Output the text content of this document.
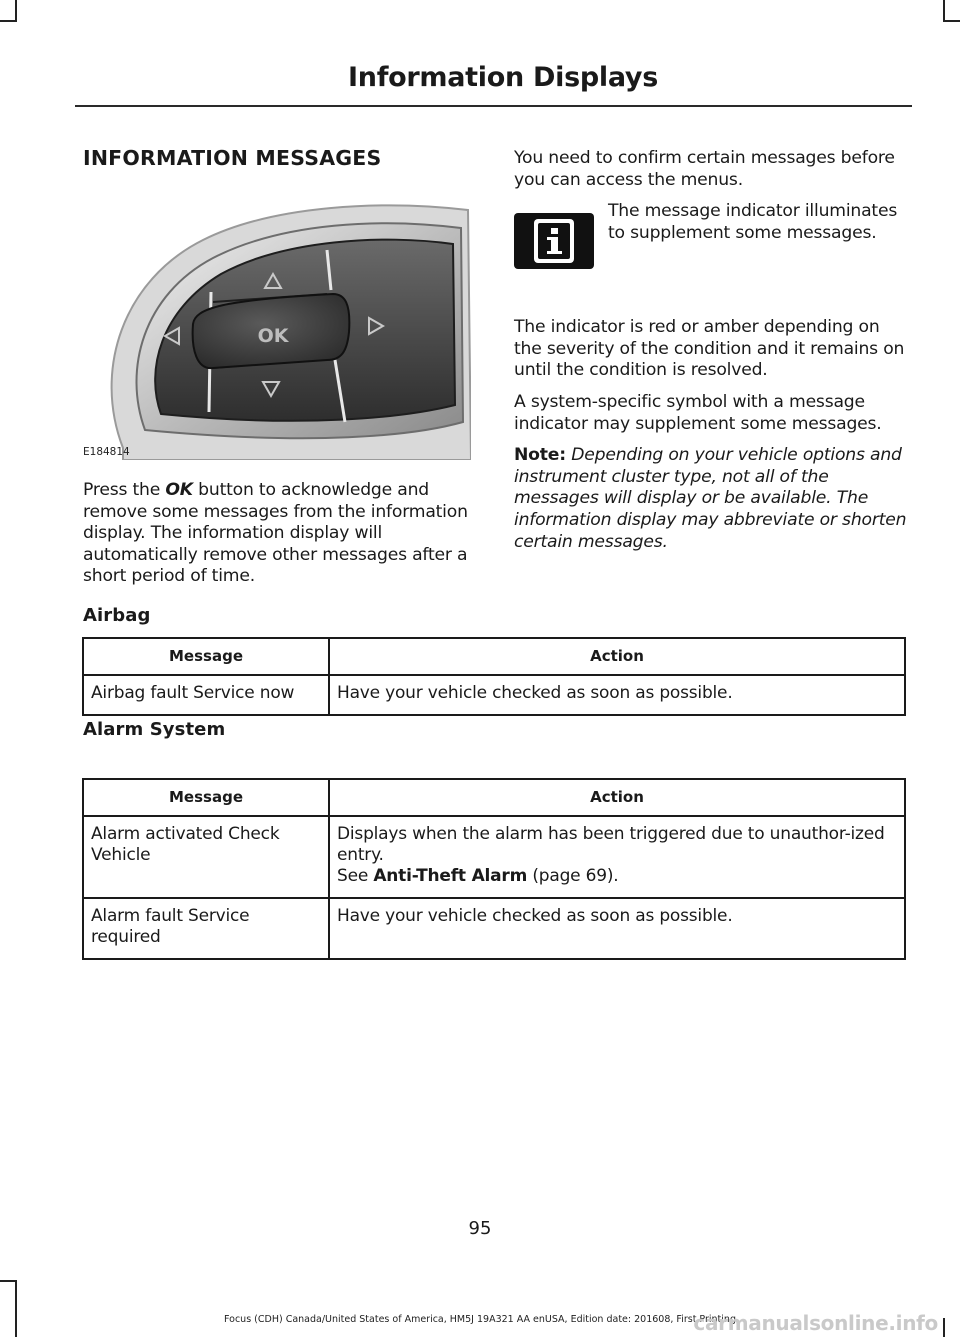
Information Displays
INFORMATION MESSAGES
OK
E184814

Press the OK button to acknowledge and remove some messages from the information display. The information display will automatically remove other messages after a short period of time.

You need to confirm certain messages before you can access the menus.

The message indicator illuminates to supplement some messages.

The indicator is red or amber depending on the severity of the condition and it remains on until the condition is resolved.

A system-specific symbol with a message indicator may supplement some messages.

Note: Depending on your vehicle options and instrument cluster type, not all of the messages will display or be available. The information display may abbreviate or shorten certain messages.

Airbag
Message	Action
Airbag fault Service now	Have your vehicle checked as soon as possible.
Alarm System
Message	Action
Alarm activated Check Vehicle	Displays when the alarm has been triggered due to unauthor-ized entry.
See Anti-Theft Alarm (page 69).

Alarm fault Service required	Have your vehicle checked as soon as possible.
95
Focus (CDH) Canada/United States of America, HM5J 19A321 AA enUSA, Edition date: 201608, First Printing
carmanualsonline.info
